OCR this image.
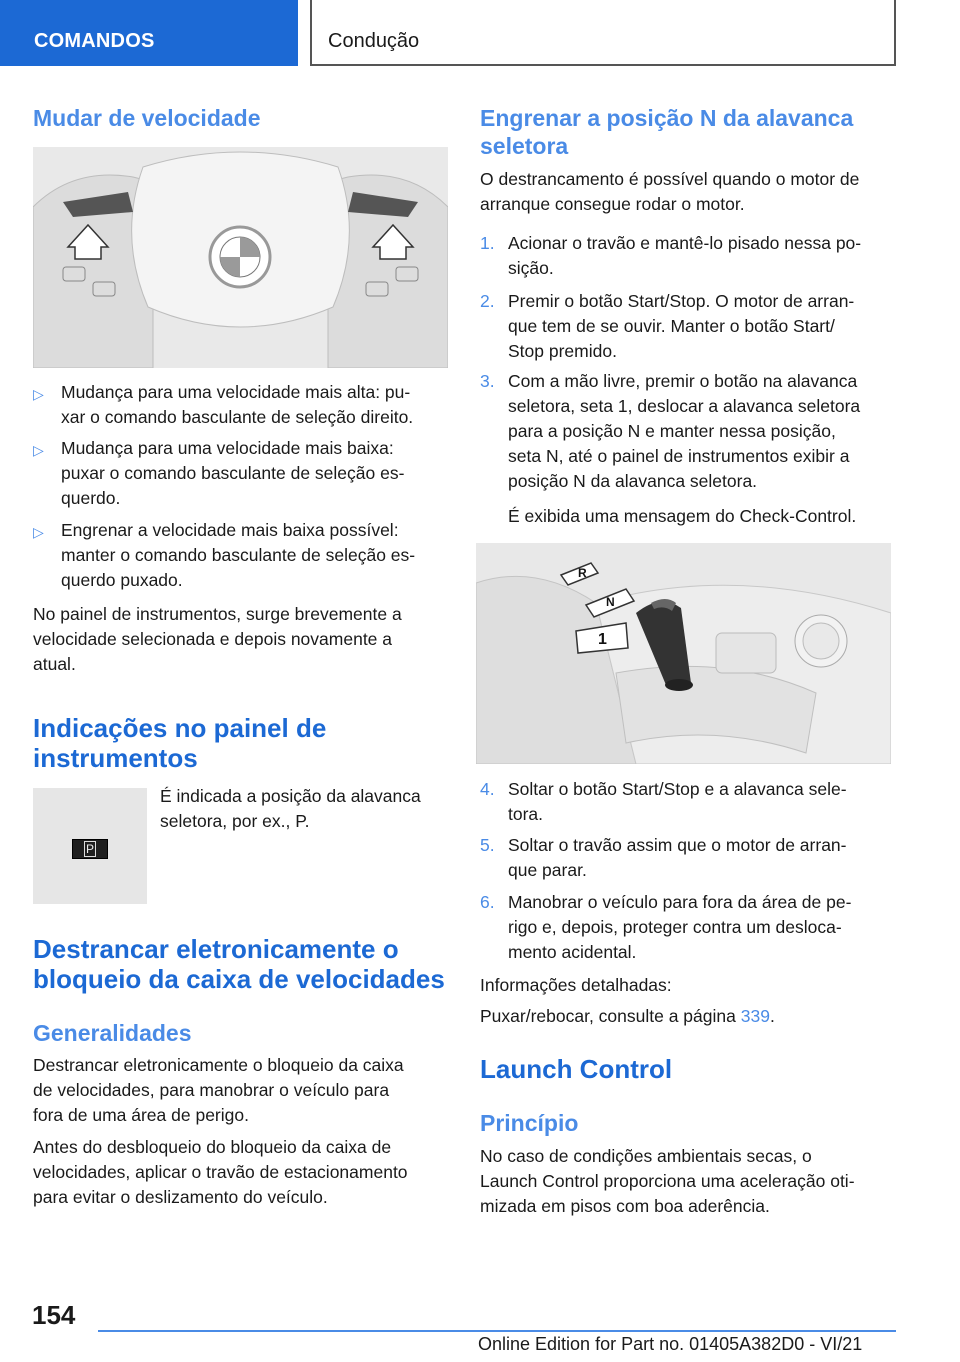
COMANDOS	Condução
Mudar de velocidade
▷ Mudança para uma velocidade mais alta: pu-
xar o comando basculante de seleção direito.
▷ Mudança para uma velocidade mais baixa:
puxar o comando basculante de seleção es-
querdo.
▷ Engrenar a velocidade mais baixa possível:
manter o comando basculante de seleção es-
querdo puxado.

No painel de instrumentos, surge brevemente a
velocidade selecionada e depois novamente a
atual.

Indicações no painel de
instrumentos
P

É indicada a posição da alavanca
seletora, por ex., P.

Destrancar eletronicamente o
bloqueio da caixa de velocidades
Generalidades

Destrancar eletronicamente o bloqueio da caixa
de velocidades, para manobrar o veículo para
fora de uma área de perigo.

Antes do desbloqueio do bloqueio da caixa de
velocidades, aplicar o travão de estacionamento
para evitar o deslizamento do veículo.

Engrenar a posição N da alavanca
seletora

O destrancamento é possível quando o motor de
arranque consegue rodar o motor.

1. Acionar o travão e mantê-lo pisado nessa po-
sição.
2. Premir o botão Start/Stop. O motor de arran-
que tem de se ouvir. Manter o botão Start/
Stop premido.
3. Com a mão livre, premir o botão na alavanca
seletora, seta 1, deslocar a alavanca seletora
para a posição N e manter nessa posição,
seta N, até o painel de instrumentos exibir a
posição N da alavanca seletora.

É exibida uma mensagem do Check-Control.

R
N
1
4. Soltar o botão Start/Stop e a alavanca sele-
tora.
5. Soltar o travão assim que o motor de arran-
que parar.
6. Manobrar o veículo para fora da área de pe-
rigo e, depois, proteger contra um desloca-
mento acidental.

Informações detalhadas:

Puxar/rebocar, consulte a página 339.

Launch Control
Princípio

No caso de condições ambientais secas, o
Launch Control proporciona uma aceleração oti-
mizada em pisos com boa aderência.

154
Online Edition for Part no. 01405A382D0 - VI/21
